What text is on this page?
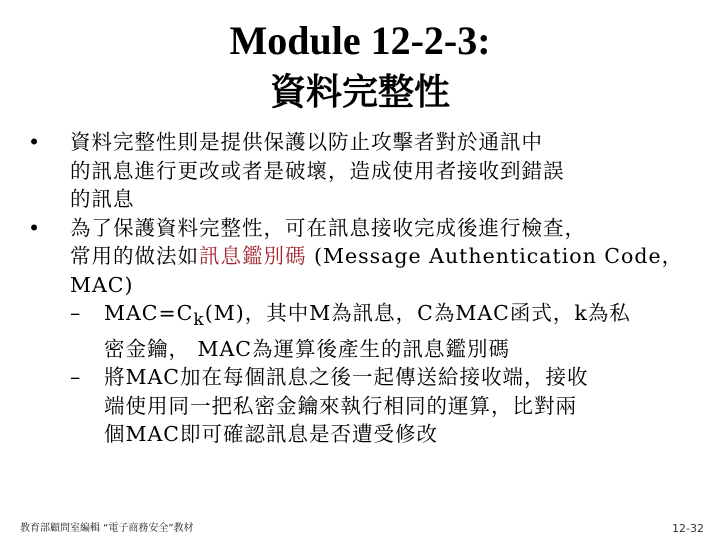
Module 12-2-3:
資料完整性
• 資料完整性則是提供保護以防止攻擊者對於通訊中
的訊息進行更改或者是破壞，造成使用者接收到錯誤
的訊息
• 為了保護資料完整性，可在訊息接收完成後進行檢查，
常用的做法如訊息鑑別碼 (Message Authentication Code，
MAC)
– $MAC=C_k(M)$，其中M為訊息，C為MAC函式，k為私
密金鑰， MAC為運算後產生的訊息鑑別碼
– 將MAC加在每個訊息之後一起傳送給接收端，接收
端使用同一把私密金鑰來執行相同的運算，比對兩
個MAC即可確認訊息是否遭受修改
教育部顧問室編輯 “電子商務安全”教材	12-32
